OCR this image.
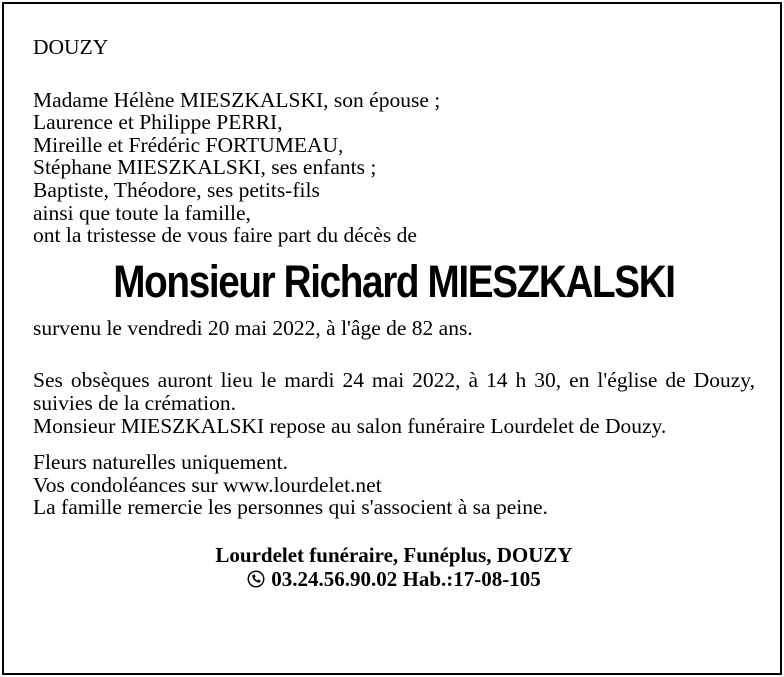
DOUZY
Madame Hélène MIESZKALSKI, son épouse ;
Laurence et Philippe PERRI,
Mireille et Frédéric FORTUMEAU,
Stéphane MIESZKALSKI, ses enfants ;
Baptiste, Théodore, ses petits-fils
ainsi que toute la famille,
ont la tristesse de vous faire part du décès de
Monsieur Richard MIESZKALSKI
survenu le vendredi 20 mai 2022, à l'âge de 82 ans.
Ses obsèques auront lieu le mardi 24 mai 2022, à 14 h 30, en l'église de Douzy, suivies de la crémation.
Monsieur MIESZKALSKI repose au salon funéraire Lourdelet de Douzy.
Fleurs naturelles uniquement.
Vos condoléances sur www.lourdelet.net
La famille remercie les personnes qui s'associent à sa peine.
Lourdelet funéraire, Funéplus, DOUZY
03.24.56.90.02 Hab.:17-08-105
